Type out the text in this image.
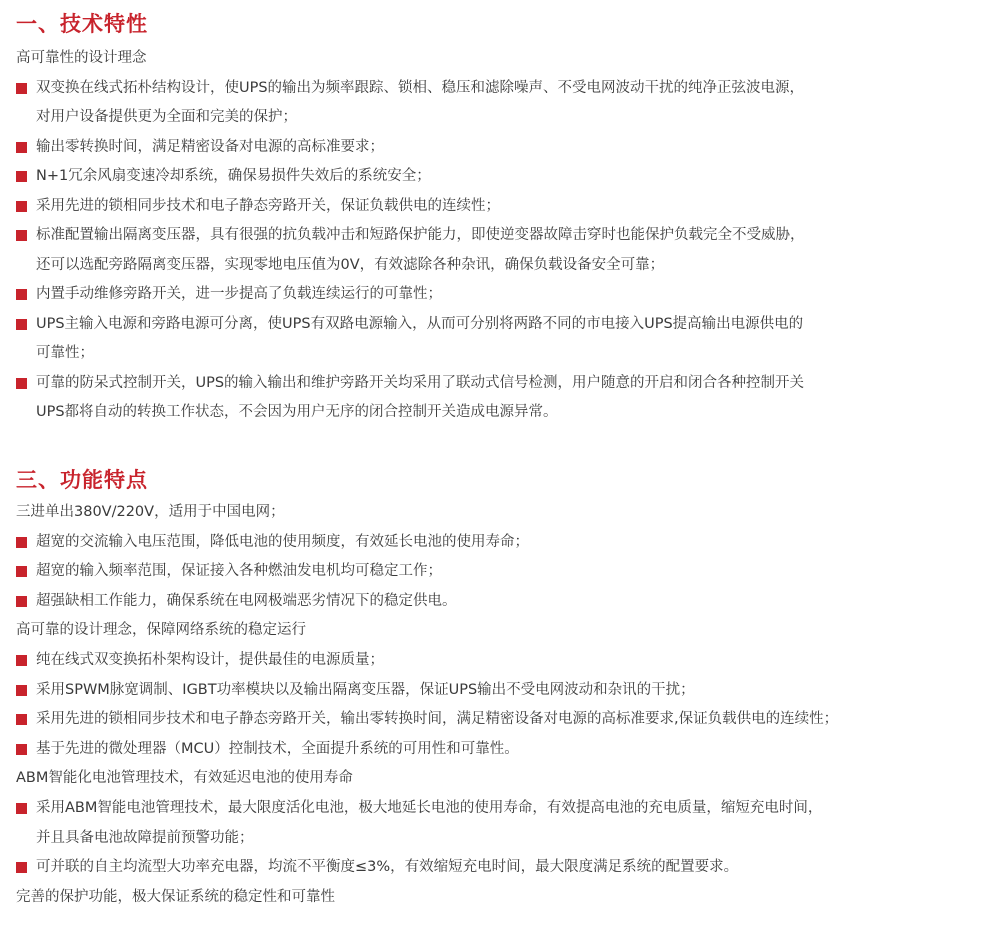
一、技术特性
三、功能特点
高可靠性的设计理念
双变换在线式拓朴结构设计，使UPS的输出为频率跟踪、锁相、稳压和滤除噪声、不受电网波动干扰的纯净正弦波电源，
对用户设备提供更为全面和完美的保护；
输出零转换时间，满足精密设备对电源的高标准要求；
N+1冗余风扇变速冷却系统，确保易损件失效后的系统安全；
采用先进的锁相同步技术和电子静态旁路开关，保证负载供电的连续性；
标准配置输出隔离变压器，具有很强的抗负载冲击和短路保护能力，即使逆变器故障击穿时也能保护负载完全不受威胁，
还可以选配旁路隔离变压器，实现零地电压值为0V，有效滤除各种杂讯，确保负载设备安全可靠；
内置手动维修旁路开关，进一步提高了负载连续运行的可靠性；
UPS主输入电源和旁路电源可分离，使UPS有双路电源输入，从而可分别将两路不同的市电接入UPS提高输出电源供电的
可靠性；
可靠的防呆式控制开关，UPS的输入输出和维护旁路开关均采用了联动式信号检测，用户随意的开启和闭合各种控制开关
UPS都将自动的转换工作状态，不会因为用户无序的闭合控制开关造成电源异常。
三进单出380V/220V，适用于中国电网；
超宽的交流输入电压范围，降低电池的使用频度，有效延长电池的使用寿命；
超宽的输入频率范围，保证接入各种燃油发电机均可稳定工作；
超强缺相工作能力，确保系统在电网极端恶劣情况下的稳定供电。
高可靠的设计理念，保障网络系统的稳定运行
纯在线式双变换拓朴架构设计，提供最佳的电源质量；
采用SPWM脉宽调制、IGBT功率模块以及输出隔离变压器，保证UPS输出不受电网波动和杂讯的干扰；
采用先进的锁相同步技术和电子静态旁路开关，输出零转换时间，满足精密设备对电源的高标准要求,保证负载供电的连续性；
基于先进的微处理器（MCU）控制技术，全面提升系统的可用性和可靠性。
ABM智能化电池管理技术，有效延迟电池的使用寿命
采用ABM智能电池管理技术，最大限度活化电池，极大地延长电池的使用寿命，有效提高电池的充电质量，缩短充电时间，
并且具备电池故障提前预警功能；
可并联的自主均流型大功率充电器，均流不平衡度≤3%，有效缩短充电时间，最大限度满足系统的配置要求。
完善的保护功能，极大保证系统的稳定性和可靠性
